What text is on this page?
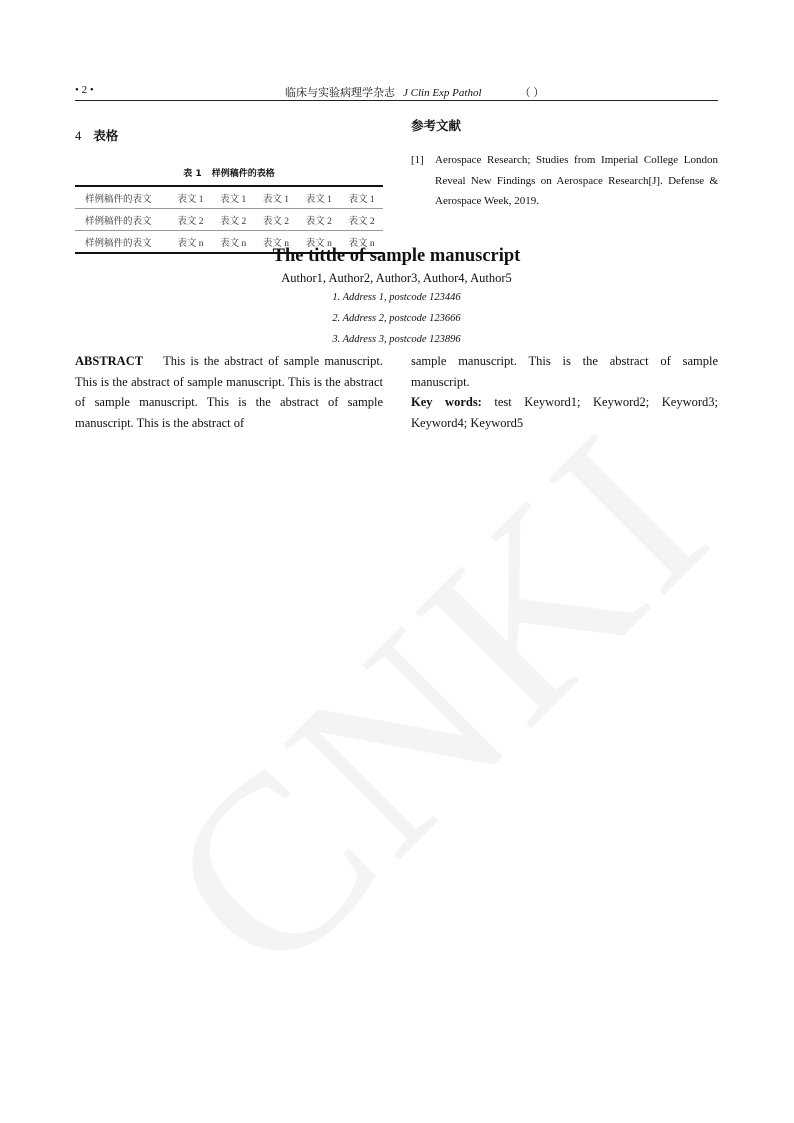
• 2 •	临床与实验病理学杂志 J Clin Exp Pathol	（ ）
4 表格
表 1 样例稿件的表格
样例稿件的表文	表文 1	表文 1	表文 1	表文 1	表文 1
样例稿件的表文	表文 2	表文 2	表文 2	表文 2	表文 2
样例稿件的表文	表文 n	表文 n	表文 n	表文 n	表文 n
参考文献
[1] Aerospace Research; Studies from Imperial College London Reveal New Findings on Aerospace Research[J]. Defense & Aerospace Week, 2019.
The tittle of sample manuscript
Author1, Author2, Author3, Author4, Author5
1. Address 1, postcode 123446
2. Address 2, postcode 123666
3. Address 3, postcode 123896
ABSTRACT This is the abstract of sample manuscript. This is the abstract of sample manuscript. This is the abstract of sample manuscript. This is the abstract of sample manuscript. This is the abstract of
sample manuscript. This is the abstract of sample manuscript.
Key words: test Keyword1; Keyword2; Keyword3; Keyword4; Keyword5
